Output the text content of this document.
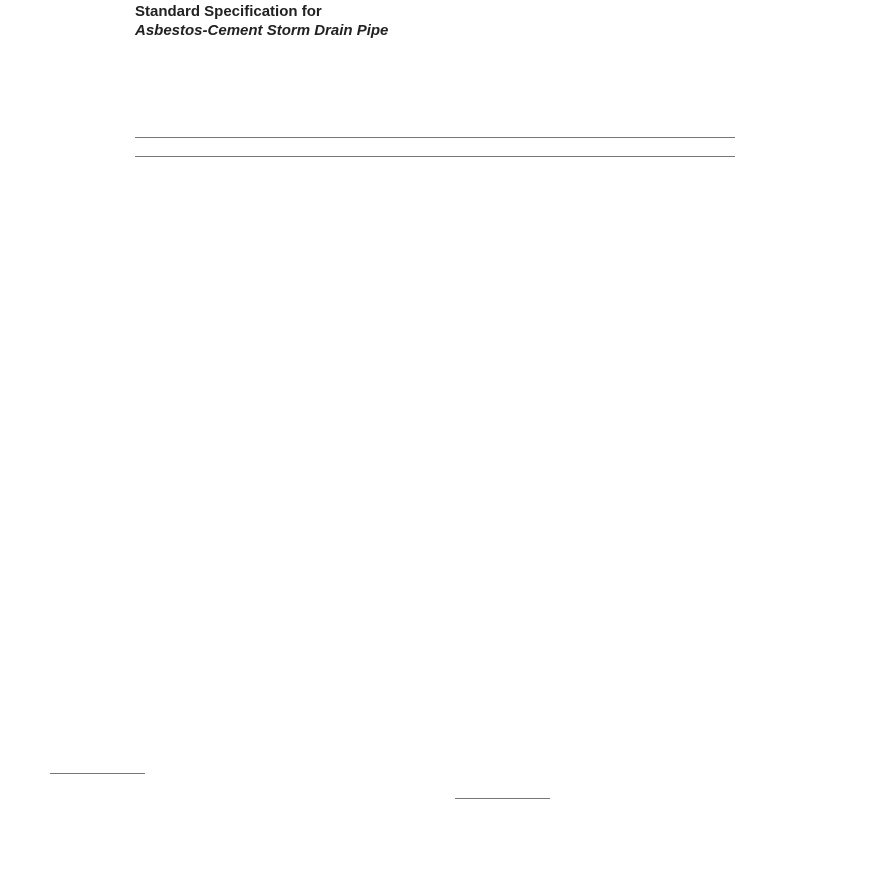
Standard Specification for
Asbestos-Cement Storm Drain Pipe
